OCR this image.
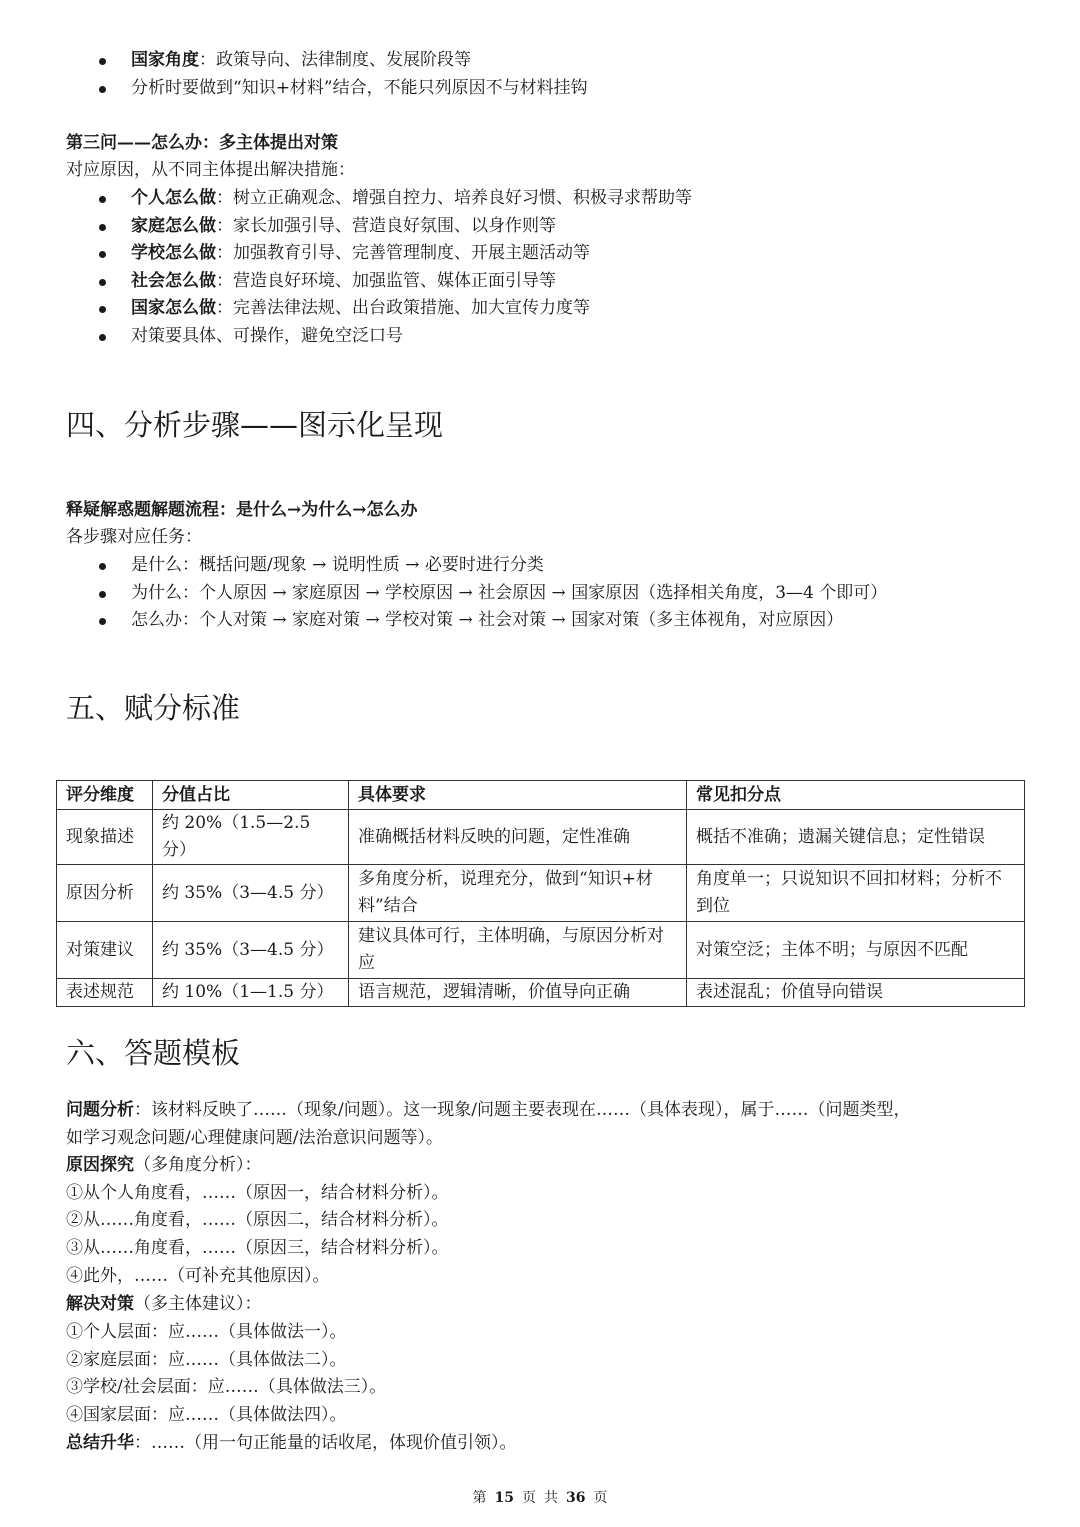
国家角度：政策导向、法律制度、发展阶段等
分析时要做到“知识+材料”结合，不能只列原因不与材料挂钩
第三问——怎么办：多主体提出对策
对应原因，从不同主体提出解决措施：
个人怎么做：树立正确观念、增强自控力、培养良好习惯、积极寻求帮助等
家庭怎么做：家长加强引导、营造良好氛围、以身作则等
学校怎么做：加强教育引导、完善管理制度、开展主题活动等
社会怎么做：营造良好环境、加强监管、媒体正面引导等
国家怎么做：完善法律法规、出台政策措施、加大宣传力度等
对策要具体、可操作，避免空泛口号
四、分析步骤——图示化呈现
释疑解惑题解题流程：是什么→为什么→怎么办
各步骤对应任务：
是什么：概括问题/现象 → 说明性质 → 必要时进行分类
为什么：个人原因 → 家庭原因 → 学校原因 → 社会原因 → 国家原因（选择相关角度，3—4 个即可）
怎么办：个人对策 → 家庭对策 → 学校对策 → 社会对策 → 国家对策（多主体视角，对应原因）
五、赋分标准
评分维度	分值占比	具体要求	常见扣分点
现象描述	约 20%（1.5—2.5 分）	准确概括材料反映的问题，定性准确	概括不准确；遗漏关键信息；定性错误
原因分析	约 35%（3—4.5 分）	多角度分析，说理充分，做到“知识+材料”结合	角度单一；只说知识不回扣材料；分析不到位
对策建议	约 35%（3—4.5 分）	建议具体可行，主体明确，与原因分析对应	对策空泛；主体不明；与原因不匹配
表述规范	约 10%（1—1.5 分）	语言规范，逻辑清晰，价值导向正确	表述混乱；价值导向错误
六、答题模板
问题分析：该材料反映了……（现象/问题）。这一现象/问题主要表现在……（具体表现），属于……（问题类型，
如学习观念问题/心理健康问题/法治意识问题等）。
原因探究（多角度分析）：
①从个人角度看，……（原因一，结合材料分析）。
②从……角度看，……（原因二，结合材料分析）。
③从……角度看，……（原因三，结合材料分析）。
④此外，……（可补充其他原因）。
解决对策（多主体建议）：
①个人层面：应……（具体做法一）。
②家庭层面：应……（具体做法二）。
③学校/社会层面：应……（具体做法三）。
④国家层面：应……（具体做法四）。
总结升华：……（用一句正能量的话收尾，体现价值引领）。
第 15 页 共 36 页
